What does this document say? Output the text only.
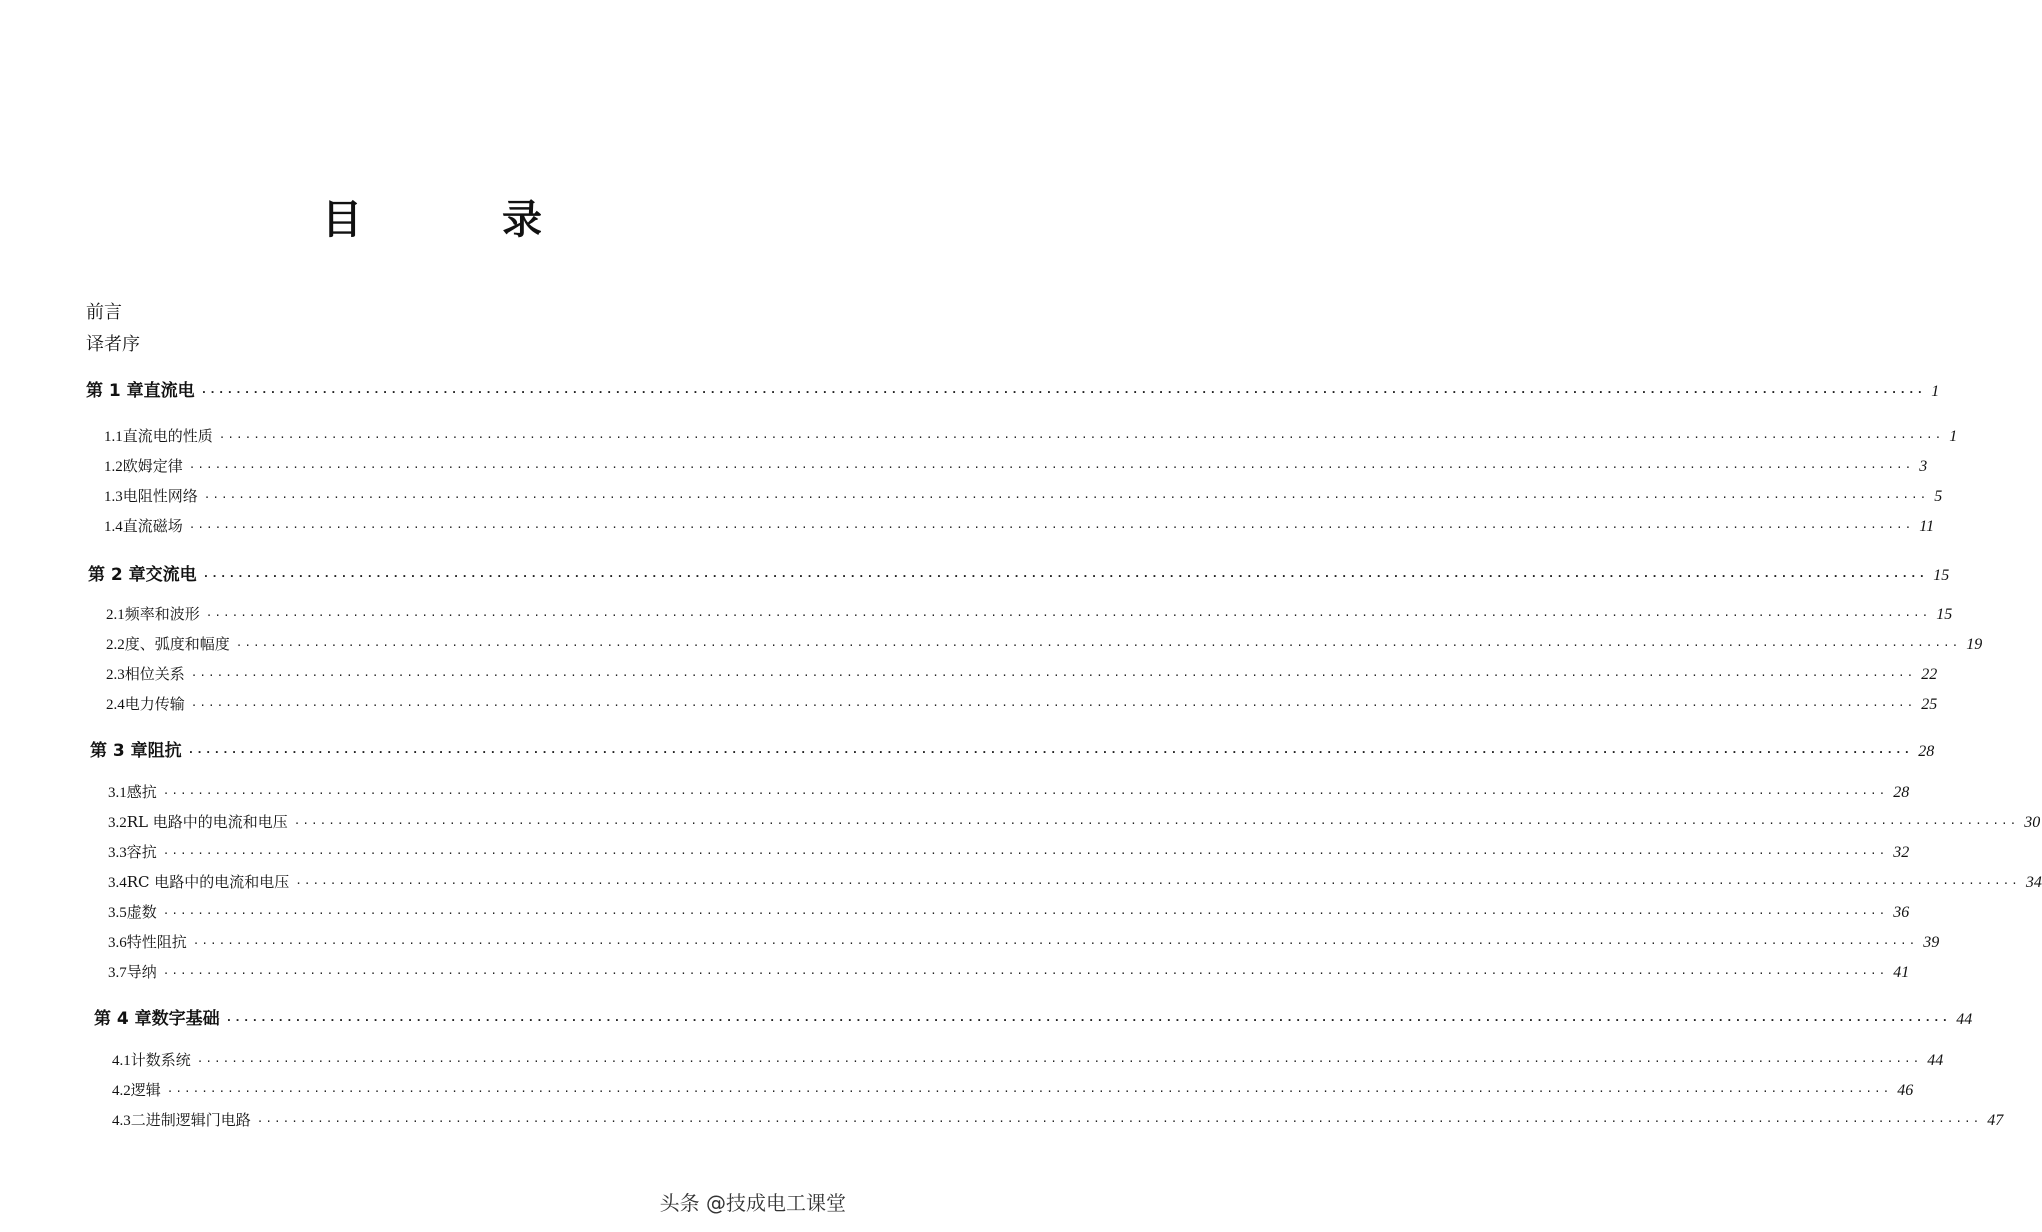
目	录
前言
译者序
第 1 章 直流电 ········································································································································································································ 1
1.1 直流电的性质 ········································································································································································································ 1
1.2 欧姆定律 ········································································································································································································ 3
1.3 电阻性网络 ········································································································································································································ 5
1.4 直流磁场 ········································································································································································································ 11
第 2 章 交流电 ········································································································································································································ 15
2.1 频率和波形 ········································································································································································································ 15
2.2 度、弧度和幅度 ········································································································································································································ 19
2.3 相位关系 ········································································································································································································ 22
2.4 电力传输 ········································································································································································································ 25
第 3 章 阻抗 ········································································································································································································ 28
3.1 感抗 ········································································································································································································ 28
3.2 RL 电路中的电流和电压 ········································································································································································································ 30
3.3 容抗 ········································································································································································································ 32
3.4 RC 电路中的电流和电压 ········································································································································································································ 34
3.5 虚数 ········································································································································································································ 36
3.6 特性阻抗 ········································································································································································································ 39
3.7 导纳 ········································································································································································································ 41
第 4 章 数字基础 ········································································································································································································ 44
4.1 计数系统 ········································································································································································································ 44
4.2 逻辑 ········································································································································································································ 46
4.3 二进制逻辑门电路 ········································································································································································································ 47
头条 @技成电工课堂
